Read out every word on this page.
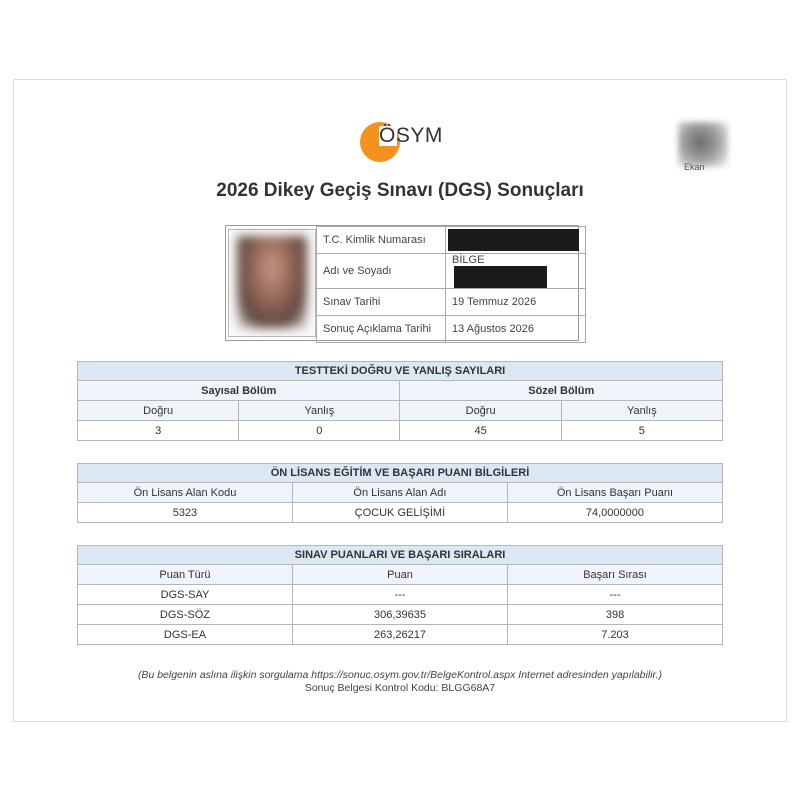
ÖSYM
Ekan
2026 Dikey Geçiş Sınavı (DGS) Sonuçları
T.C. Kimlik Numarası	
Adı ve Soyadı	BİLGE
Sınav Tarihi	19 Temmuz 2026
Sonuç Açıklama Tarihi	13 Ağustos 2026
TESTTEKİ DOĞRU VE YANLIŞ SAYILARI			
Sayısal Bölüm		Sözel Bölüm	
Doğru	Yanlış	Doğru	Yanlış
3	0	45	5
ÖN LİSANS EĞİTİM VE BAŞARI PUANI BİLGİLERİ		
Ön Lisans Alan Kodu	Ön Lisans Alan Adı	Ön Lisans Başarı Puanı
5323	ÇOCUK GELİŞİMİ	74,0000000
SINAV PUANLARI VE BAŞARI SIRALARI		
Puan Türü	Puan	Başarı Sırası
DGS-SAY	---	---
DGS-SÖZ	306,39635	398
DGS-EA	263,26217	7.203
(Bu belgenin aslına ilişkin sorgulama https://sonuc.osym.gov.tr/BelgeKontrol.aspx Internet adresinden yapılabilir.)
Sonuç Belgesi Kontrol Kodu: BLGG68A7
